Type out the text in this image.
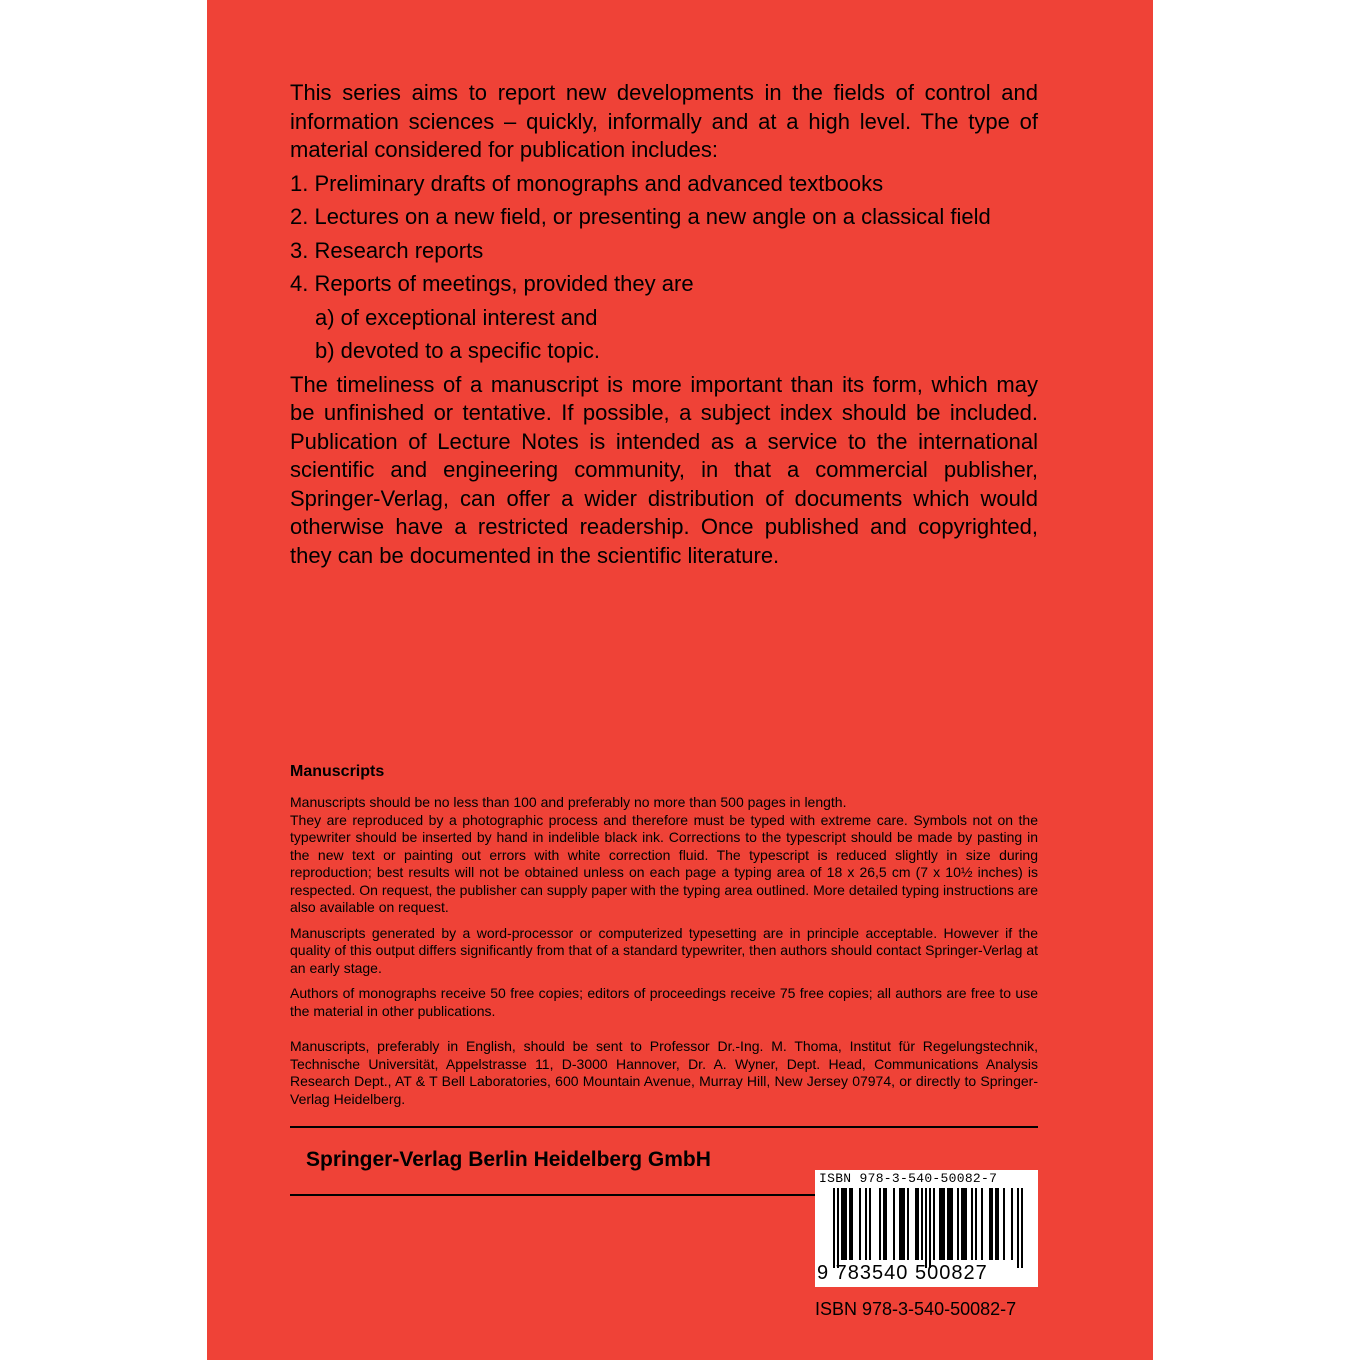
This series aims to report new developments in the fields of control and information sciences – quickly, informally and at a high level. The type of material considered for publication includes:

1. Preliminary drafts of monographs and advanced textbooks
2. Lectures on a new field, or presenting a new angle on a classical field
3. Research reports
4. Reports of meetings, provided they are
a) of exceptional interest and
b) devoted to a specific topic.

The timeliness of a manuscript is more important than its form, which may be unfinished or tentative. If possible, a subject index should be included. Publication of Lecture Notes is intended as a service to the international scientific and engineering community, in that a commercial publisher, Springer-Verlag, can offer a wider distribution of documents which would otherwise have a restricted readership. Once published and copyrighted, they can be documented in the scientific literature.

Manuscripts

Manuscripts should be no less than 100 and preferably no more than 500 pages in length.

They are reproduced by a photographic process and therefore must be typed with extreme care. Symbols not on the typewriter should be inserted by hand in indelible black ink. Corrections to the typescript should be made by pasting in the new text or painting out errors with white correction fluid. The typescript is reduced slightly in size during reproduction; best results will not be obtained unless on each page a typing area of 18 x 26,5 cm (7 x 10½ inches) is respected. On request, the publisher can supply paper with the typing area outlined. More detailed typing instructions are also available on request.

Manuscripts generated by a word-processor or computerized typesetting are in principle acceptable. However if the quality of this output differs significantly from that of a standard typewriter, then authors should contact Springer-Verlag at an early stage.

Authors of monographs receive 50 free copies; editors of proceedings receive 75 free copies; all authors are free to use the material in other publications.

Manuscripts, preferably in English, should be sent to Professor Dr.-Ing. M. Thoma, Institut für Regelungstechnik, Technische Universität, Appelstrasse 11, D-3000 Hannover, Dr. A. Wyner, Dept. Head, Communications Analysis Research Dept., AT & T Bell Laboratories, 600 Mountain Avenue, Murray Hill, New Jersey 07974, or directly to Springer-Verlag Heidelberg.

Springer-Verlag Berlin Heidelberg GmbH
ISBN 978-3-540-50082-7
9 783540 500827
ISBN 978-3-540-50082-7
